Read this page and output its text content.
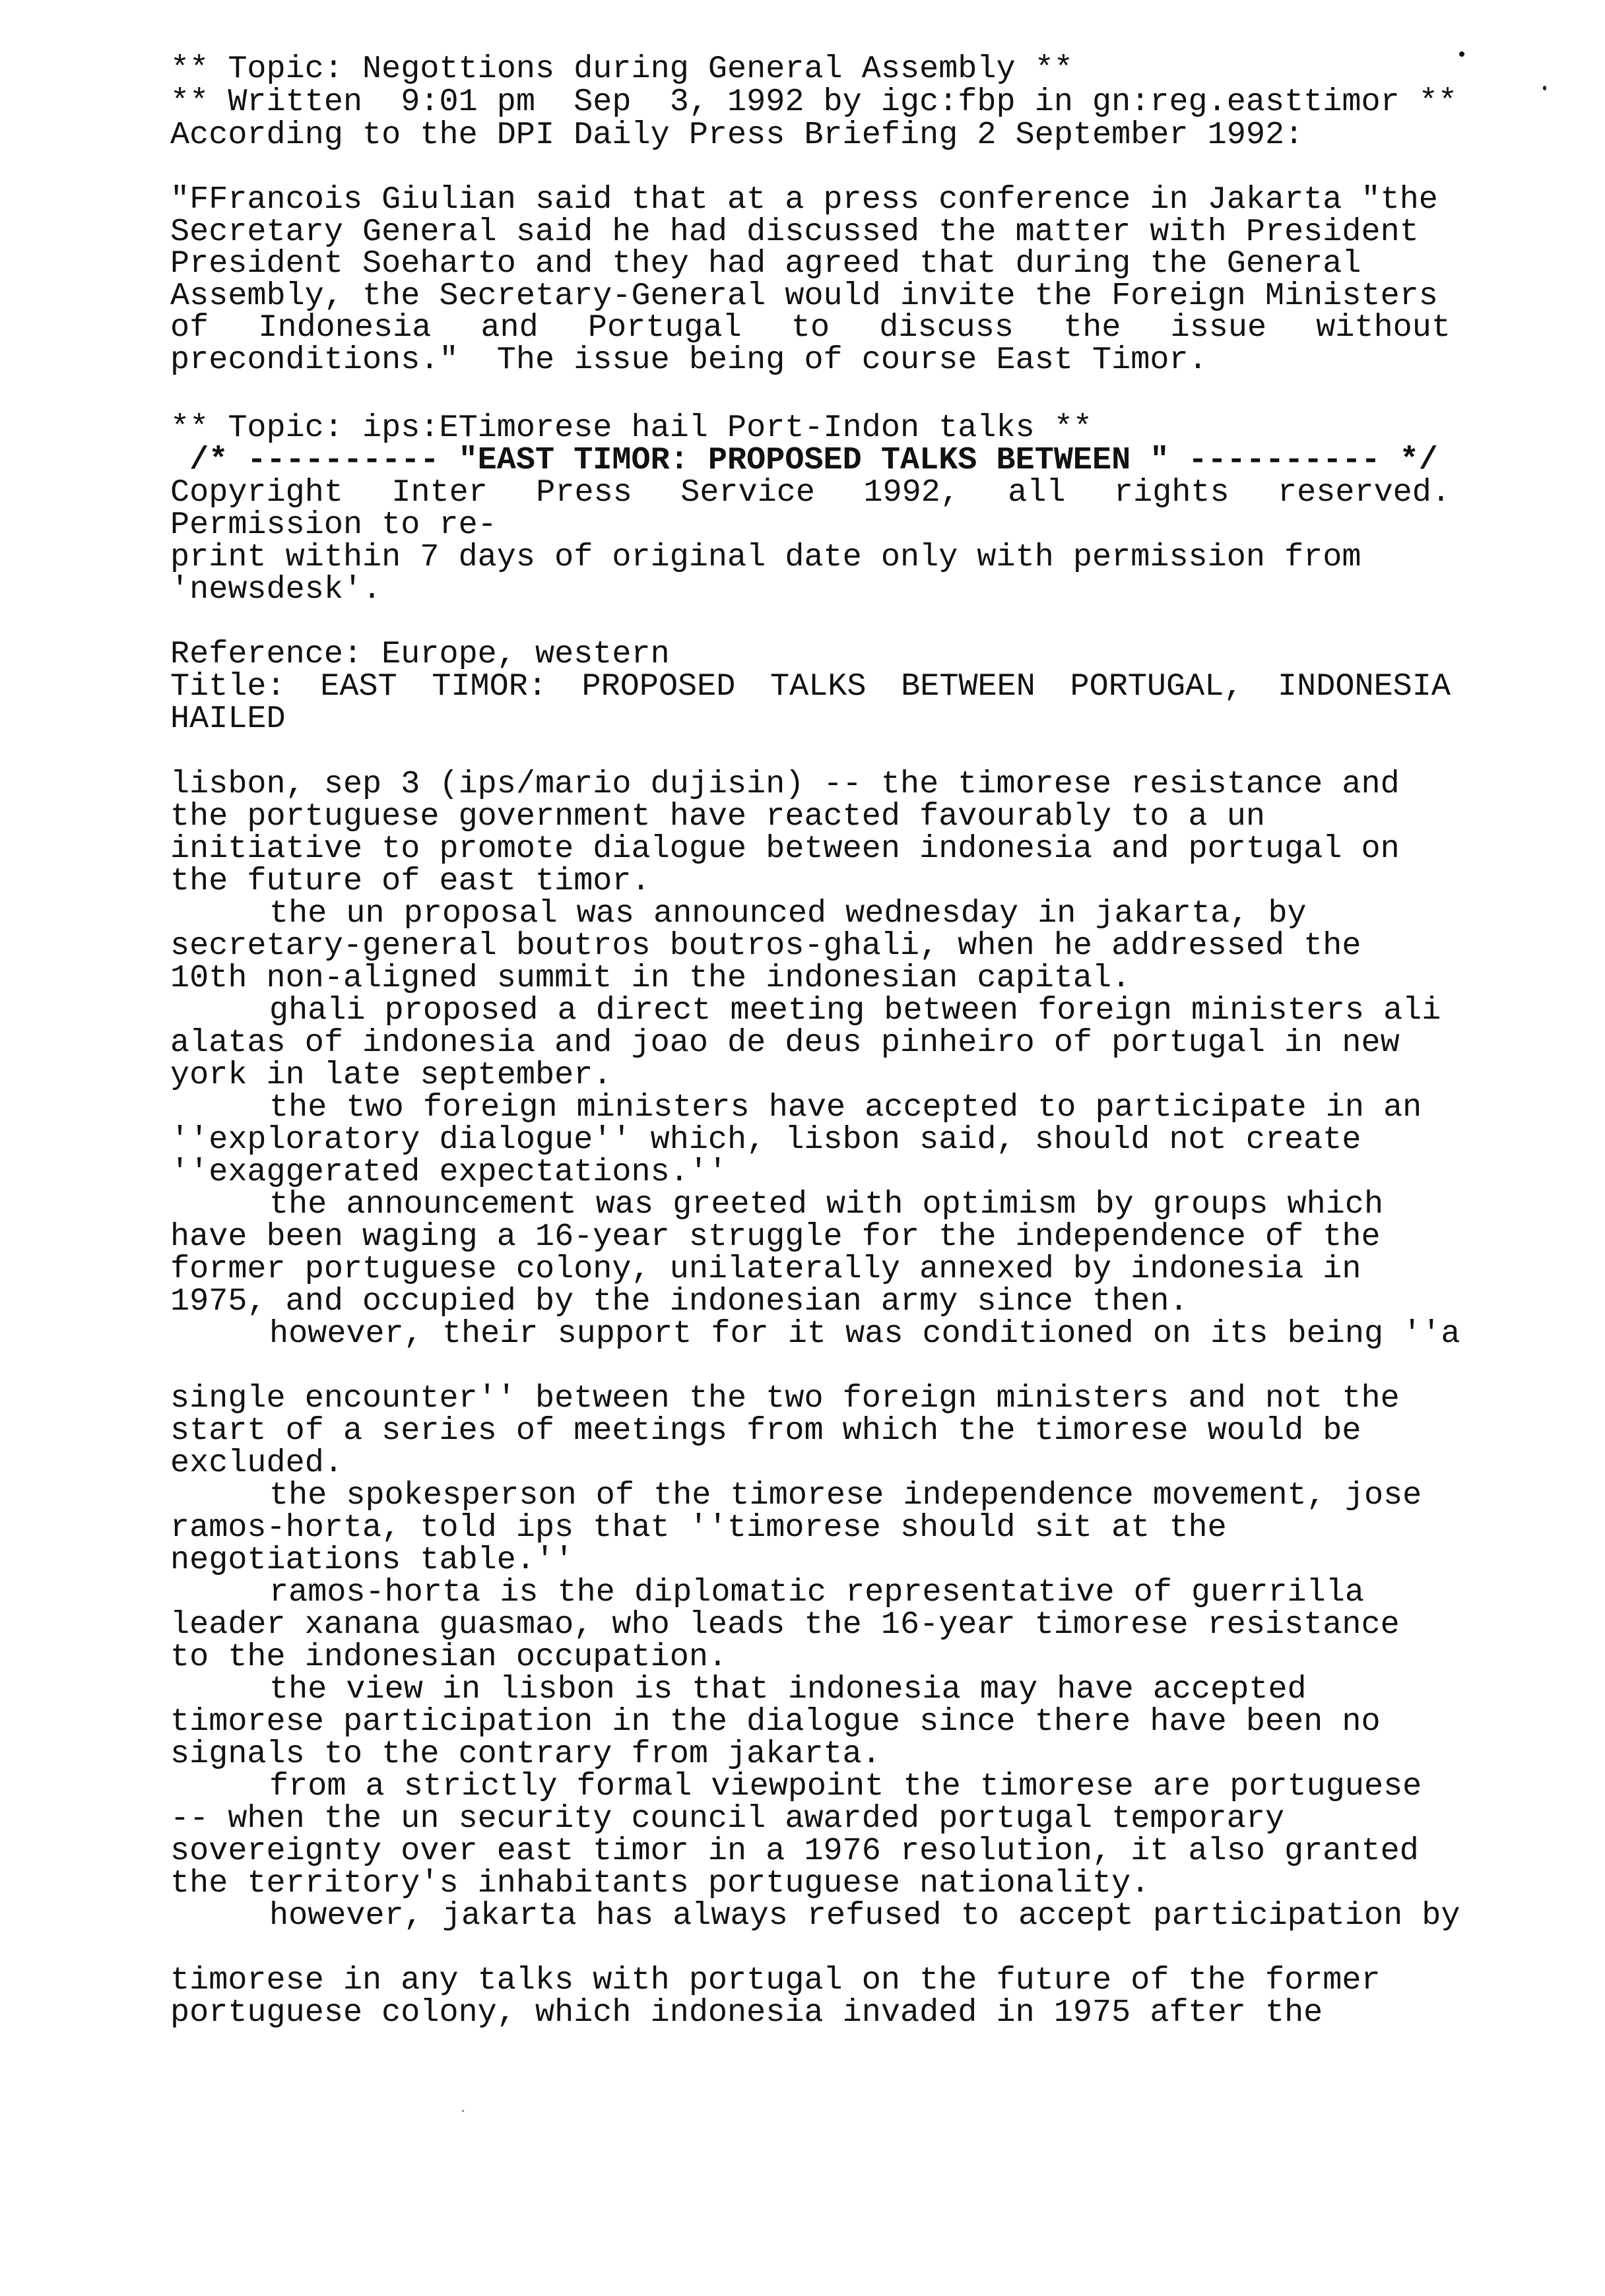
** Topic: Negottions during General Assembly **
** Written  9:01 pm  Sep  3, 1992 by igc:fbp in gn:reg.easttimor **
According to the DPI Daily Press Briefing 2 September 1992:
"FFrancois Giulian said that at a press conference in Jakarta "the
Secretary General said he had discussed the matter with President
President Soeharto and they had agreed that during the General
Assembly, the Secretary-General would invite the Foreign Ministers
of Indonesia and Portugal to discuss the issue without
preconditions."  The issue being of course East Timor.
** Topic: ips:ETimorese hail Port-Indon talks **
/* ---------- "EAST TIMOR: PROPOSED TALKS BETWEEN " ---------- */
Copyright Inter Press Service 1992, all rights reserved.
Permission to re-
print within 7 days of original date only with permission from
'newsdesk'.
Reference: Europe, western
Title: EAST TIMOR: PROPOSED TALKS BETWEEN PORTUGAL, INDONESIA
HAILED
lisbon, sep 3 (ips/mario dujisin) -- the timorese resistance and
the portuguese government have reacted favourably to a un
initiative to promote dialogue between indonesia and portugal on
the future of east timor.
the un proposal was announced wednesday in jakarta, by
secretary-general boutros boutros-ghali, when he addressed the
10th non-aligned summit in the indonesian capital.
ghali proposed a direct meeting between foreign ministers ali
alatas of indonesia and joao de deus pinheiro of portugal in new
york in late september.
the two foreign ministers have accepted to participate in an
''exploratory dialogue'' which, lisbon said, should not create
''exaggerated expectations.''
the announcement was greeted with optimism by groups which
have been waging a 16-year struggle for the independence of the
former portuguese colony, unilaterally annexed by indonesia in
1975, and occupied by the indonesian army since then.
however, their support for it was conditioned on its being ''a
single encounter'' between the two foreign ministers and not the
start of a series of meetings from which the timorese would be
excluded.
the spokesperson of the timorese independence movement, jose
ramos-horta, told ips that ''timorese should sit at the
negotiations table.''
ramos-horta is the diplomatic representative of guerrilla
leader xanana guasmao, who leads the 16-year timorese resistance
to the indonesian occupation.
the view in lisbon is that indonesia may have accepted
timorese participation in the dialogue since there have been no
signals to the contrary from jakarta.
from a strictly formal viewpoint the timorese are portuguese
-- when the un security council awarded portugal temporary
sovereignty over east timor in a 1976 resolution, it also granted
the territory's inhabitants portuguese nationality.
however, jakarta has always refused to accept participation by
timorese in any talks with portugal on the future of the former
portuguese colony, which indonesia invaded in 1975 after the
